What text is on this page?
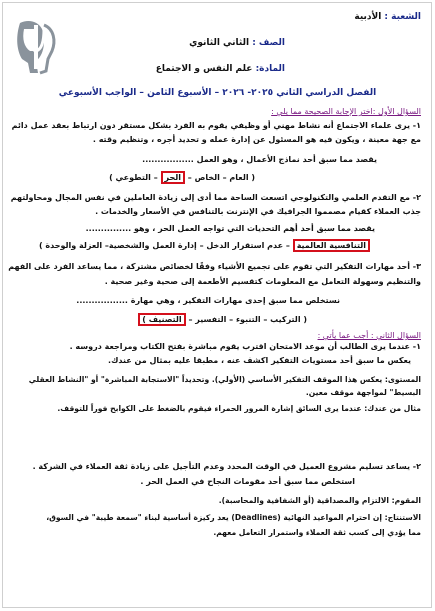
الشعبة : الأدبية
الصف : الثاني الثانوي
المادة: علم النفس و الاجتماع
الفصل الدراسي الثاني ٢٠٢٥- ٢٠٢٦ – الأسبوع الثامن – الواجب الأسبوعي
السؤال الأول :اختر الإجابة الصحيحة مما يلي :
١- يرى علماء الاجتماع أنه نشاط مهني أو وظيفي يقوم به الفرد بشكل مستقر دون ارتباط بعقد عمل دائم
مع جهة معينة ، ويكون فيه هو المسئول عن إدارة عمله و تحديد أجره ، وتنظيم وقته .
يقصد مما سبق أحد نماذج الأعمال ، وهو العمل .................
( العام – الخاص – الحر – التطوعي )
٢- مع التقدم العلمي والتكنولوجي اتسعت الساحة مما أدى إلى زيادة العاملين في نفس المجال ومحاولتهم
جذب العملاء كقيام مصمموا الجرافيك في الإنترنت بالتنافس في الأسعار والخدمات .
يقصد مما سبق أحد أهم التحديات التي تواجه العمل الحر ، وهو ...............
التنافسية العالمية – عدم استقرار الدخل – إدارة العمل والشخصية– العزلة والوحدة )
٣- أحد مهارات التفكير التي تقوم على تجميع الأشياء وفقًا لخصائص مشتركة ، مما يساعد الفرد على الفهم
والتنظيم وسهولة التعامل مع المعلومات كتقسيم الأطعمة إلى صحية وغير صحية .
نستخلص مما سبق إحدى مهارات التفكير ، وهي مهارة .................
( التركيب – التنبوء – التفسير – التصنيف )
السؤال الثاني : أجب عما يأتي :
١- عندما يرى الطالب أن موعد الامتحان اقترب يقوم مباشرة بفتح الكتاب ومراجعة دروسه .
يعكس ما سبق أحد مستويات التفكير اكشف عنه ، مطبقا عليه بمثال من عندك.
المستوى: يعكس هذا الموقف التفكير الأساسي (الأولي). وتحديداً "الاستجابة المباشرة" أو "النشاط العقلي
البسيط" لمواجهة موقف معين.
مثال من عندك: عندما يرى السائق إشارة المرور الحمراء فيقوم بالضغط على الكوابح فوراً للتوقف.
٢- يساعد تسليم مشروع العميل في الوقت المحدد وعدم التأجيل على زيادة ثقة العملاء في الشركة .
استخلص مما سبق أحد مقومات النجاح في العمل الحر .
المقوم: الالتزام والمصداقية (أو الشفافية والمحاسبة).
الاستنتاج: إن احترام المواعيد النهائية (Deadlines) يعد ركيزة أساسية لبناء "سمعة طيبة" في السوق،
مما يؤدي إلى كسب ثقة العملاء واستمرار التعامل معهم.
